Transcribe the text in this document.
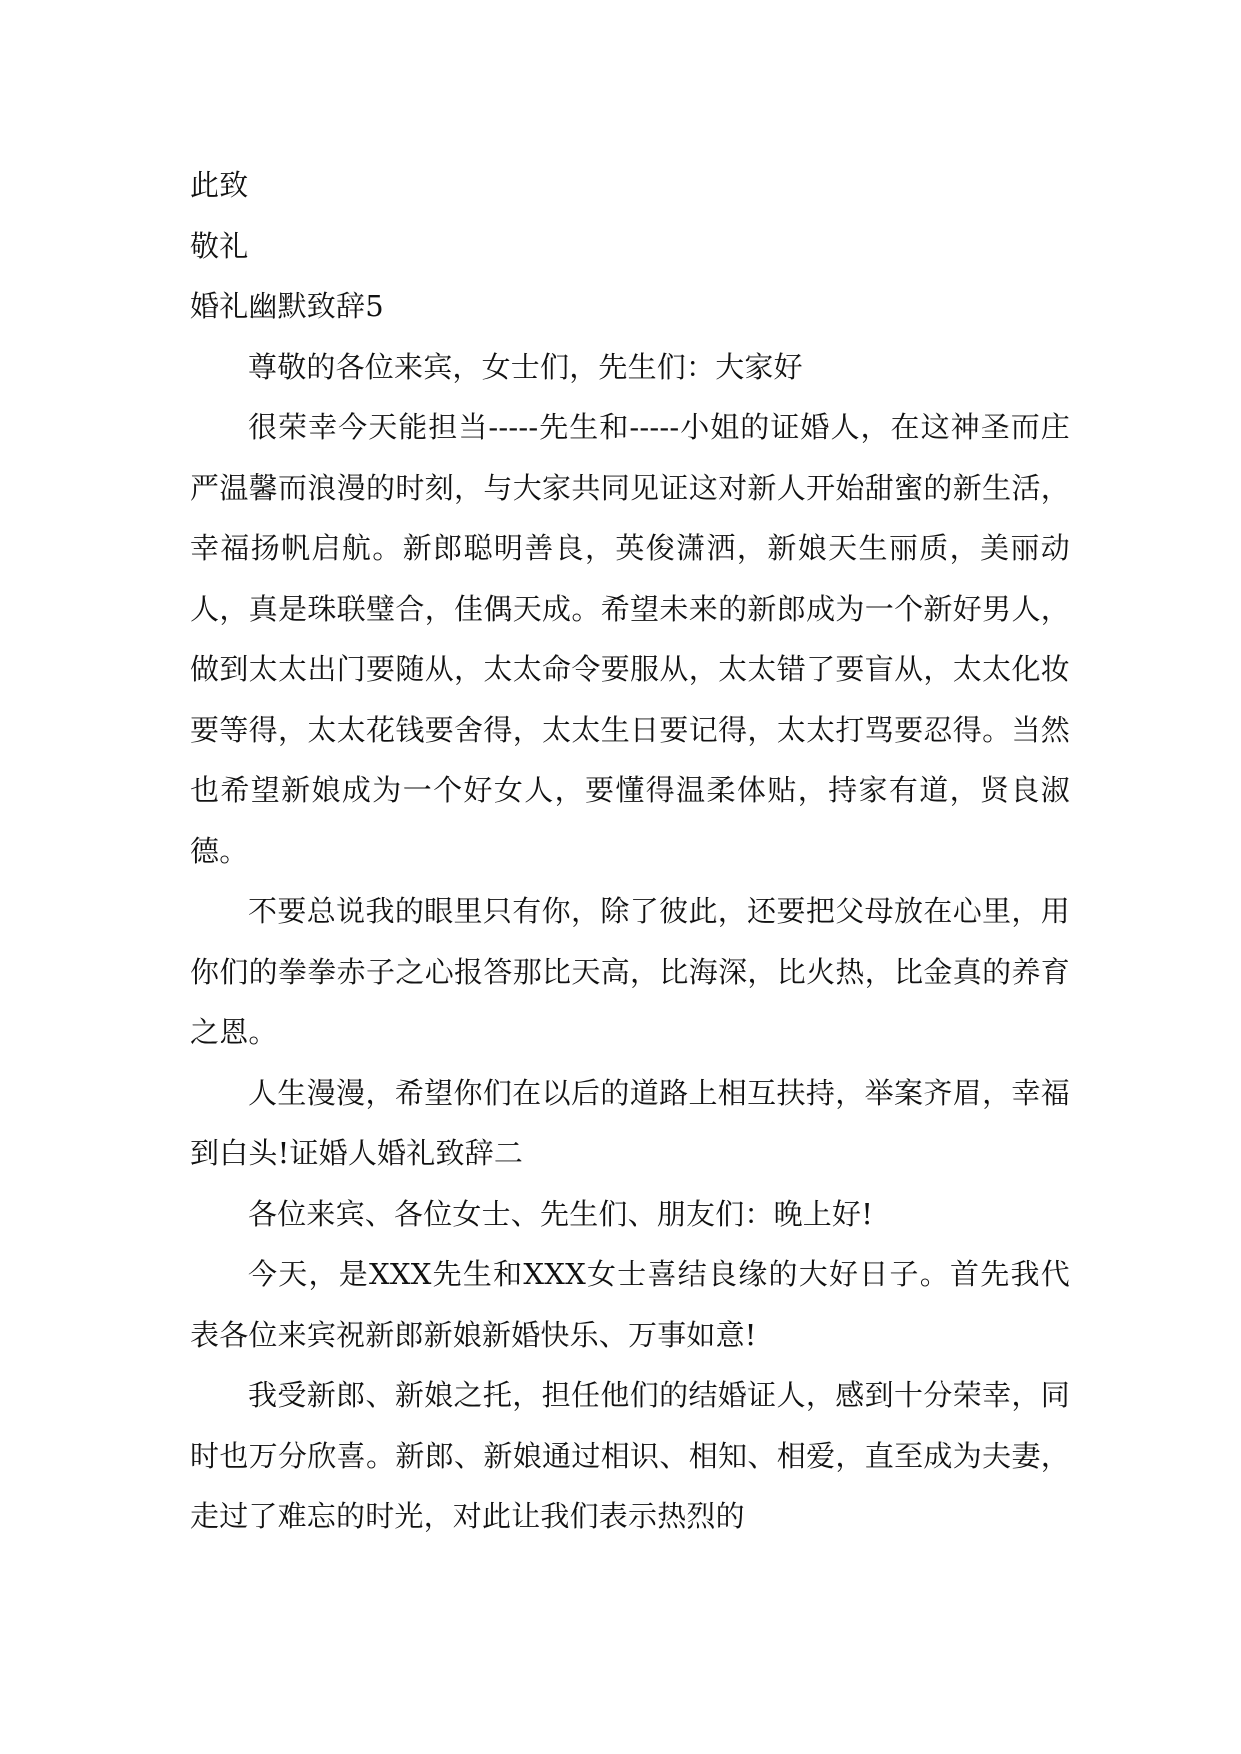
此致

敬礼

婚礼幽默致辞5

尊敬的各位来宾，女士们，先生们：大家好

很荣幸今天能担当-----先生和-----小姐的证婚人，在这神圣而庄严温馨而浪漫的时刻，与大家共同见证这对新人开始甜蜜的新生活，幸福扬帆启航。新郎聪明善良，英俊潇洒，新娘天生丽质，美丽动人，真是珠联璧合，佳偶天成。希望未来的新郎成为一个新好男人，做到太太出门要随从，太太命令要服从，太太错了要盲从，太太化妆要等得，太太花钱要舍得，太太生日要记得，太太打骂要忍得。当然也希望新娘成为一个好女人，要懂得温柔体贴，持家有道，贤良淑德。

不要总说我的眼里只有你，除了彼此，还要把父母放在心里，用你们的拳拳赤子之心报答那比天高，比海深，比火热，比金真的养育之恩。

人生漫漫，希望你们在以后的道路上相互扶持，举案齐眉，幸福到白头!证婚人婚礼致辞二

各位来宾、各位女士、先生们、朋友们：晚上好!

今天，是XXX先生和XXX女士喜结良缘的大好日子。首先我代表各位来宾祝新郎新娘新婚快乐、万事如意!

我受新郎、新娘之托，担任他们的结婚证人，感到十分荣幸，同时也万分欣喜。新郎、新娘通过相识、相知、相爱，直至成为夫妻，走过了难忘的时光，对此让我们表示热烈的
